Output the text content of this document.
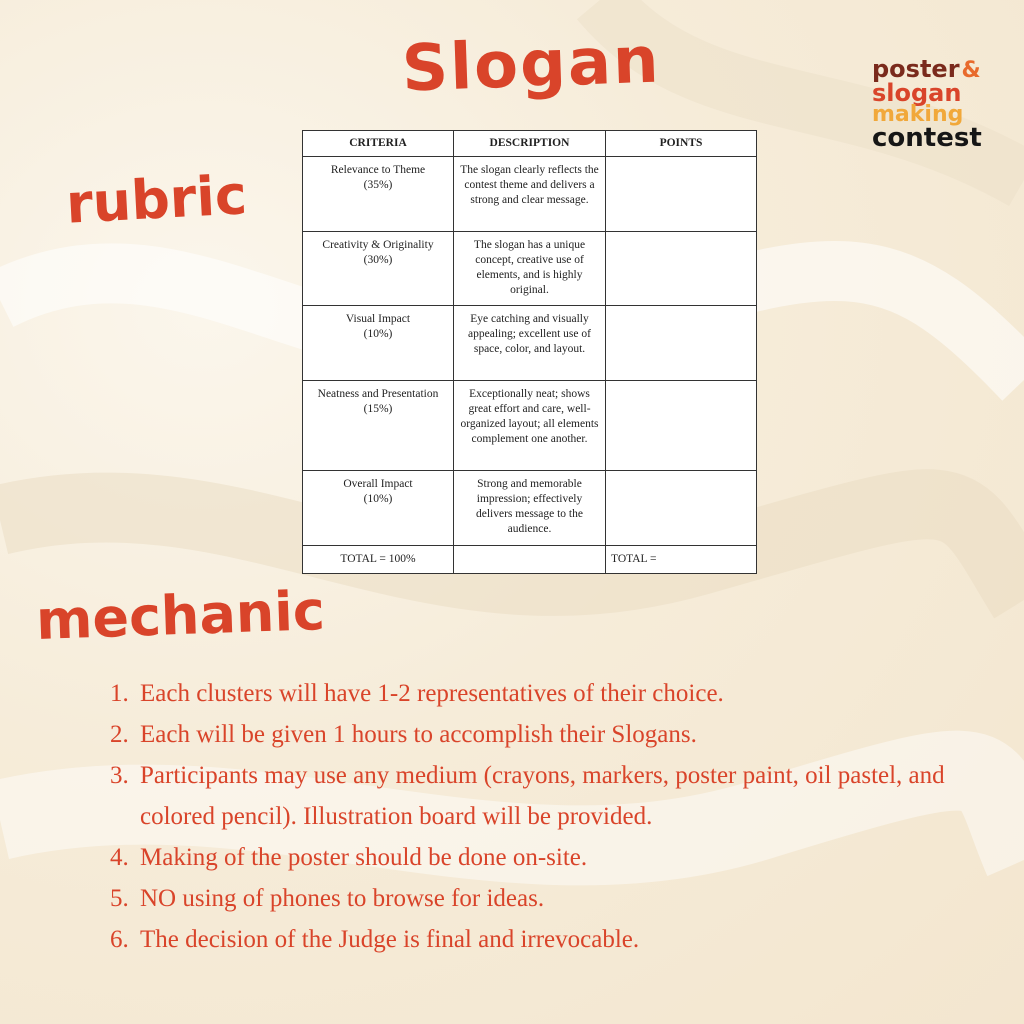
Slogan
rubric
poster&
slogan
making
contest
CRITERIA	DESCRIPTION	POINTS
Relevance to Theme
(35%)	The slogan clearly reflects the contest theme and delivers a strong and clear message.	
Creativity & Originality
(30%)	The slogan has a unique concept, creative use of elements, and is highly original.	
Visual Impact
(10%)	Eye catching and visually appealing; excellent use of space, color, and layout.	
Neatness and Presentation
(15%)	Exceptionally neat; shows great effort and care, well-organized layout; all elements complement one another.	
Overall Impact
(10%)	Strong and memorable impression; effectively delivers message to the audience.	
TOTAL = 100%		TOTAL =
mechanic
1. Each clusters will have 1-2 representatives of their choice.
2. Each will be given 1 hours to accomplish their Slogans.
3. Participants may use any medium (crayons, markers, poster paint, oil pastel, and colored pencil). Illustration board will be provided.
4. Making of the poster should be done on-site.
5. NO using of phones to browse for ideas.
6. The decision of the Judge is final and irrevocable.
